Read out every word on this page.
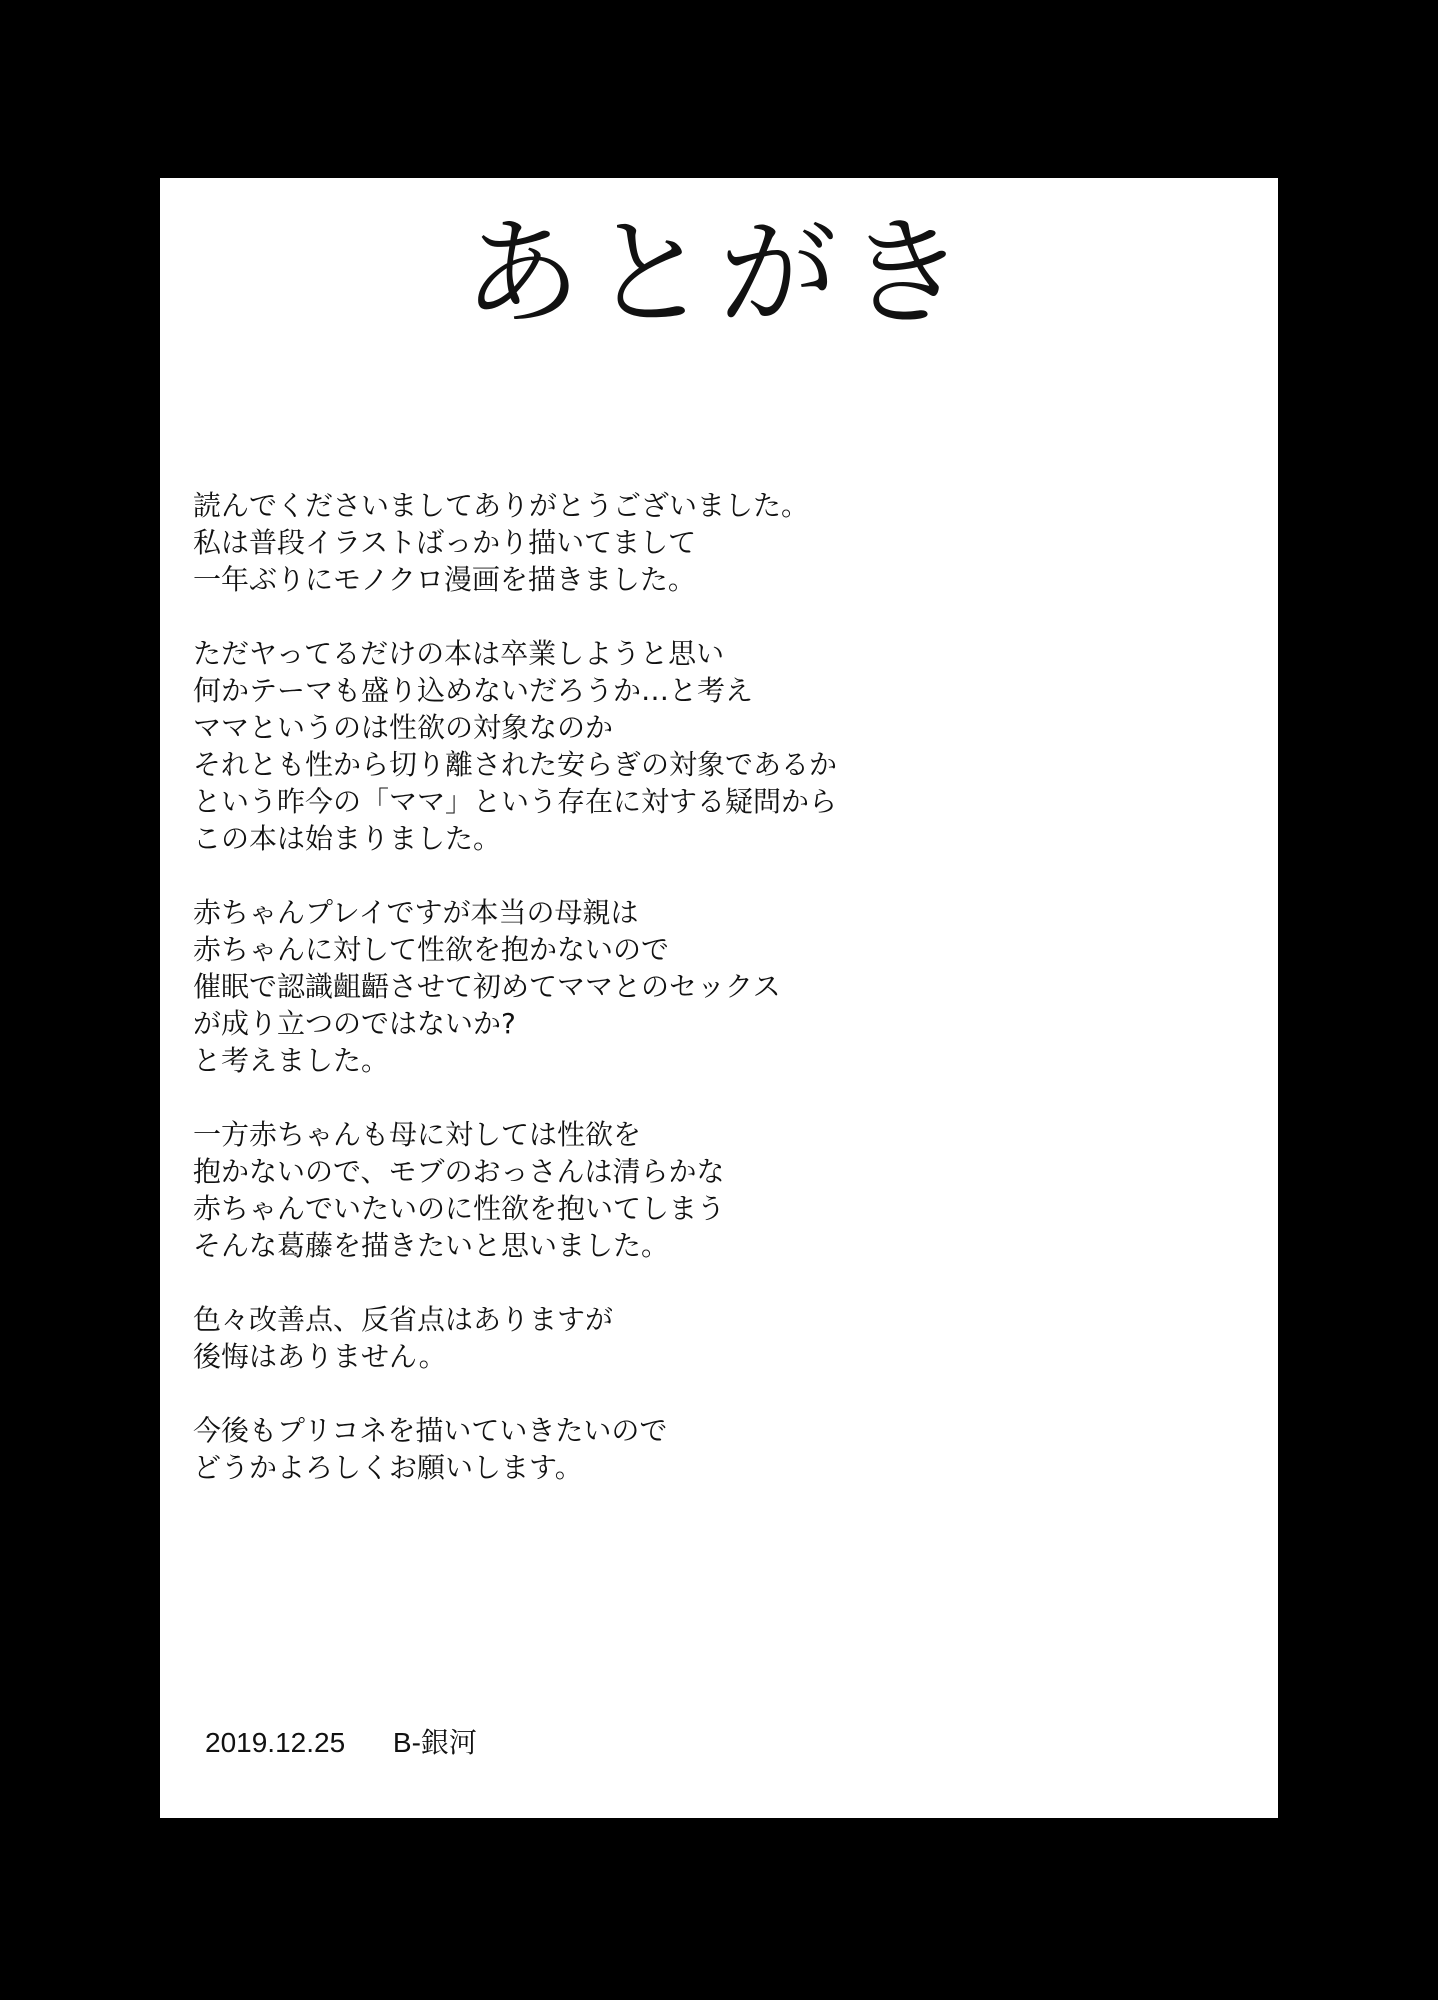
あとがき
読んでくださいましてありがとうございました。
私は普段イラストばっかり描いてまして
一年ぶりにモノクロ漫画を描きました。
ただヤってるだけの本は卒業しようと思い
何かテーマも盛り込めないだろうか…と考え
ママというのは性欲の対象なのか
それとも性から切り離された安らぎの対象であるか
という昨今の「ママ」という存在に対する疑問から
この本は始まりました。
赤ちゃんプレイですが本当の母親は
赤ちゃんに対して性欲を抱かないので
催眠で認識齟齬させて初めてママとのセックス
が成り立つのではないか?
と考えました。
一方赤ちゃんも母に対しては性欲を
抱かないので、モブのおっさんは清らかな
赤ちゃんでいたいのに性欲を抱いてしまう
そんな葛藤を描きたいと思いました。
色々改善点、反省点はありますが
後悔はありません。
今後もプリコネを描いていきたいので
どうかよろしくお願いします。
2019.12.25 B-銀河
